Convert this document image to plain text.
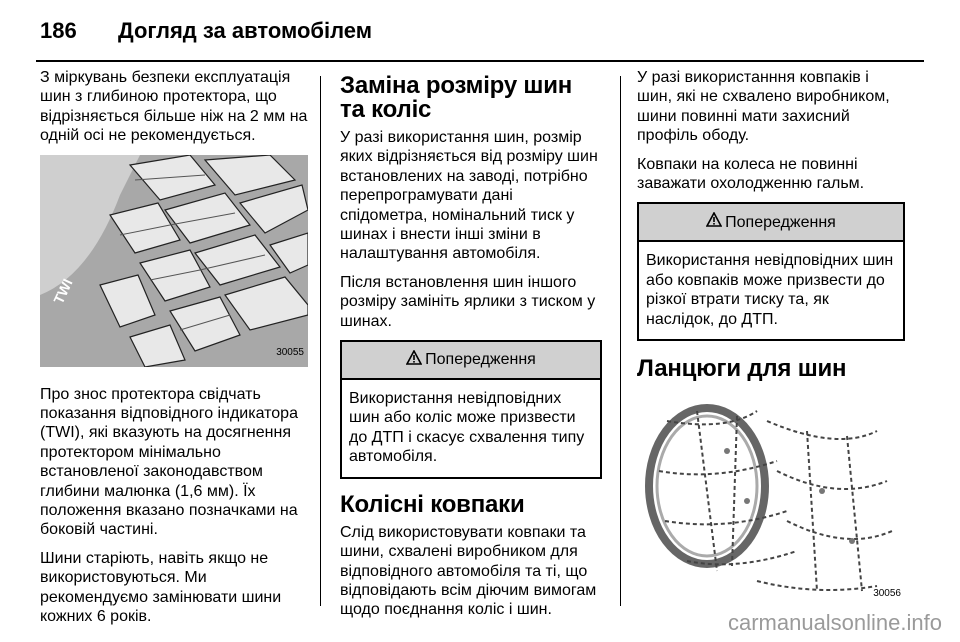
186 Догляд за автомобілем

З міркувань безпеки експлуатація шин з глибиною протектора, що відрізняється більше ніж на 2 мм на одній осі не рекомендується.

TWI
30055

Про знос протектора свідчать показання відповідного індикатора (TWI), які вказують на досягнення протектором мінімально встановленої законодавством глибини малюнка (1,6 мм). Їх положення вказано позначками на боковій частині.

Шини старіють, навіть якщо не використовуються. Ми рекомендуємо замінювати шини кожних 6 років.

Заміна розміру шин та коліс

У разі використання шин, розмір яких відрізняється від розміру шин встановлених на заводі, потрібно перепрограмувати дані спідометра, номінальний тиск у шинах і внести інші зміни в налаштування автомобіля.

Після встановлення шин іншого розміру замініть ярлики з тиском у шинах.

Попередження
Використання невідповідних шин або коліс може призвести до ДТП і скасує схвалення типу автомобіля.
Колісні ковпаки

Слід використовувати ковпаки та шини, схвалені виробником для відповідного автомобіля та ті, що відповідають всім діючим вимогам щодо поєднання коліс і шин.

У разі використанння ковпаків і шин, які не схвалено виробником, шини повинні мати захисний профіль ободу.

Ковпаки на колеса не повинні заважати охолодженню гальм.

Попередження
Використання невідповідних шин або ковпаків може призвести до різкої втрати тиску та, як наслідок, до ДТП.
Ланцюги для шин
30056
carmanualsonline.info
